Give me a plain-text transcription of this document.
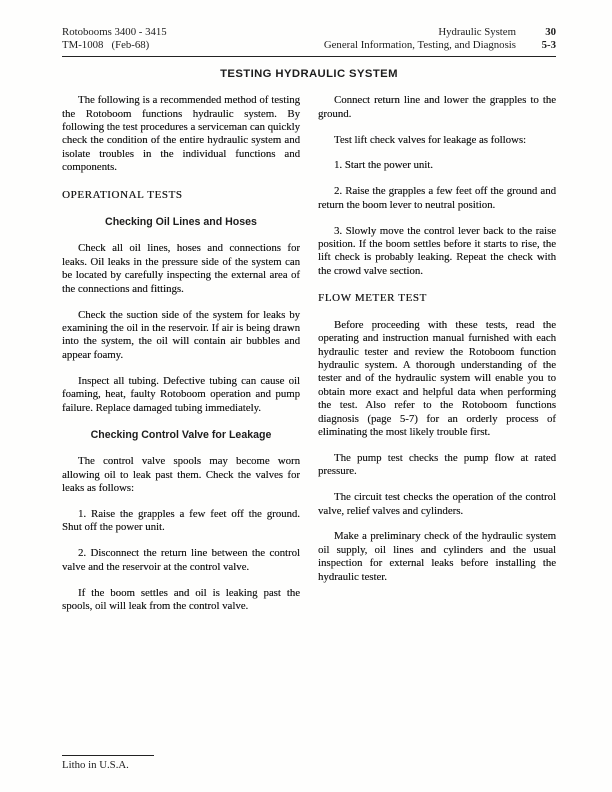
Rotobooms 3400 - 3415
TM-1008   (Feb-68)
Hydraulic System	30
General Information, Testing, and Diagnosis	5-3
TESTING HYDRAULIC SYSTEM

The following is a recommended method of testing the Rotoboom functions hydraulic system. By following the test procedures a serviceman can quickly check the condition of the entire hydraulic system and isolate troubles in the individual functions and components.

OPERATIONAL TESTS
Checking Oil Lines and Hoses

Check all oil lines, hoses and connections for leaks. Oil leaks in the pressure side of the system can be located by carefully inspecting the external area of the connections and fittings.

Check the suction side of the system for leaks by examining the oil in the reservoir. If air is being drawn into the system, the oil will contain air bubbles and appear foamy.

Inspect all tubing. Defective tubing can cause oil foaming, heat, faulty Rotoboom operation and pump failure. Replace damaged tubing immediately.

Checking Control Valve for Leakage

The control valve spools may become worn allowing oil to leak past them. Check the valves for leaks as follows:

1. Raise the grapples a few feet off the ground. Shut off the power unit.

2. Disconnect the return line between the control valve and the reservoir at the control valve.

If the boom settles and oil is leaking past the spools, oil will leak from the control valve.

Connect return line and lower the grapples to the ground.

Test lift check valves for leakage as follows:

1. Start the power unit.

2. Raise the grapples a few feet off the ground and return the boom lever to neutral position.

3. Slowly move the control lever back to the raise position. If the boom settles before it starts to rise, the lift check is probably leaking. Repeat the check with the crowd valve section.

FLOW METER TEST

Before proceeding with these tests, read the operating and instruction manual furnished with each hydraulic tester and review the Rotoboom function hydraulic system. A thorough understanding of the tester and of the hydraulic system will enable you to obtain more exact and helpful data when performing the test. Also refer to the Rotoboom functions diagnosis (page 5-7) for an orderly process of eliminating the most likely trouble first.

The pump test checks the pump flow at rated pressure.

The circuit test checks the operation of the control valve, relief valves and cylinders.

Make a preliminary check of the hydraulic system oil supply, oil lines and cylinders and the usual inspection for external leaks before installing the hydraulic tester.

Litho in U.S.A.
